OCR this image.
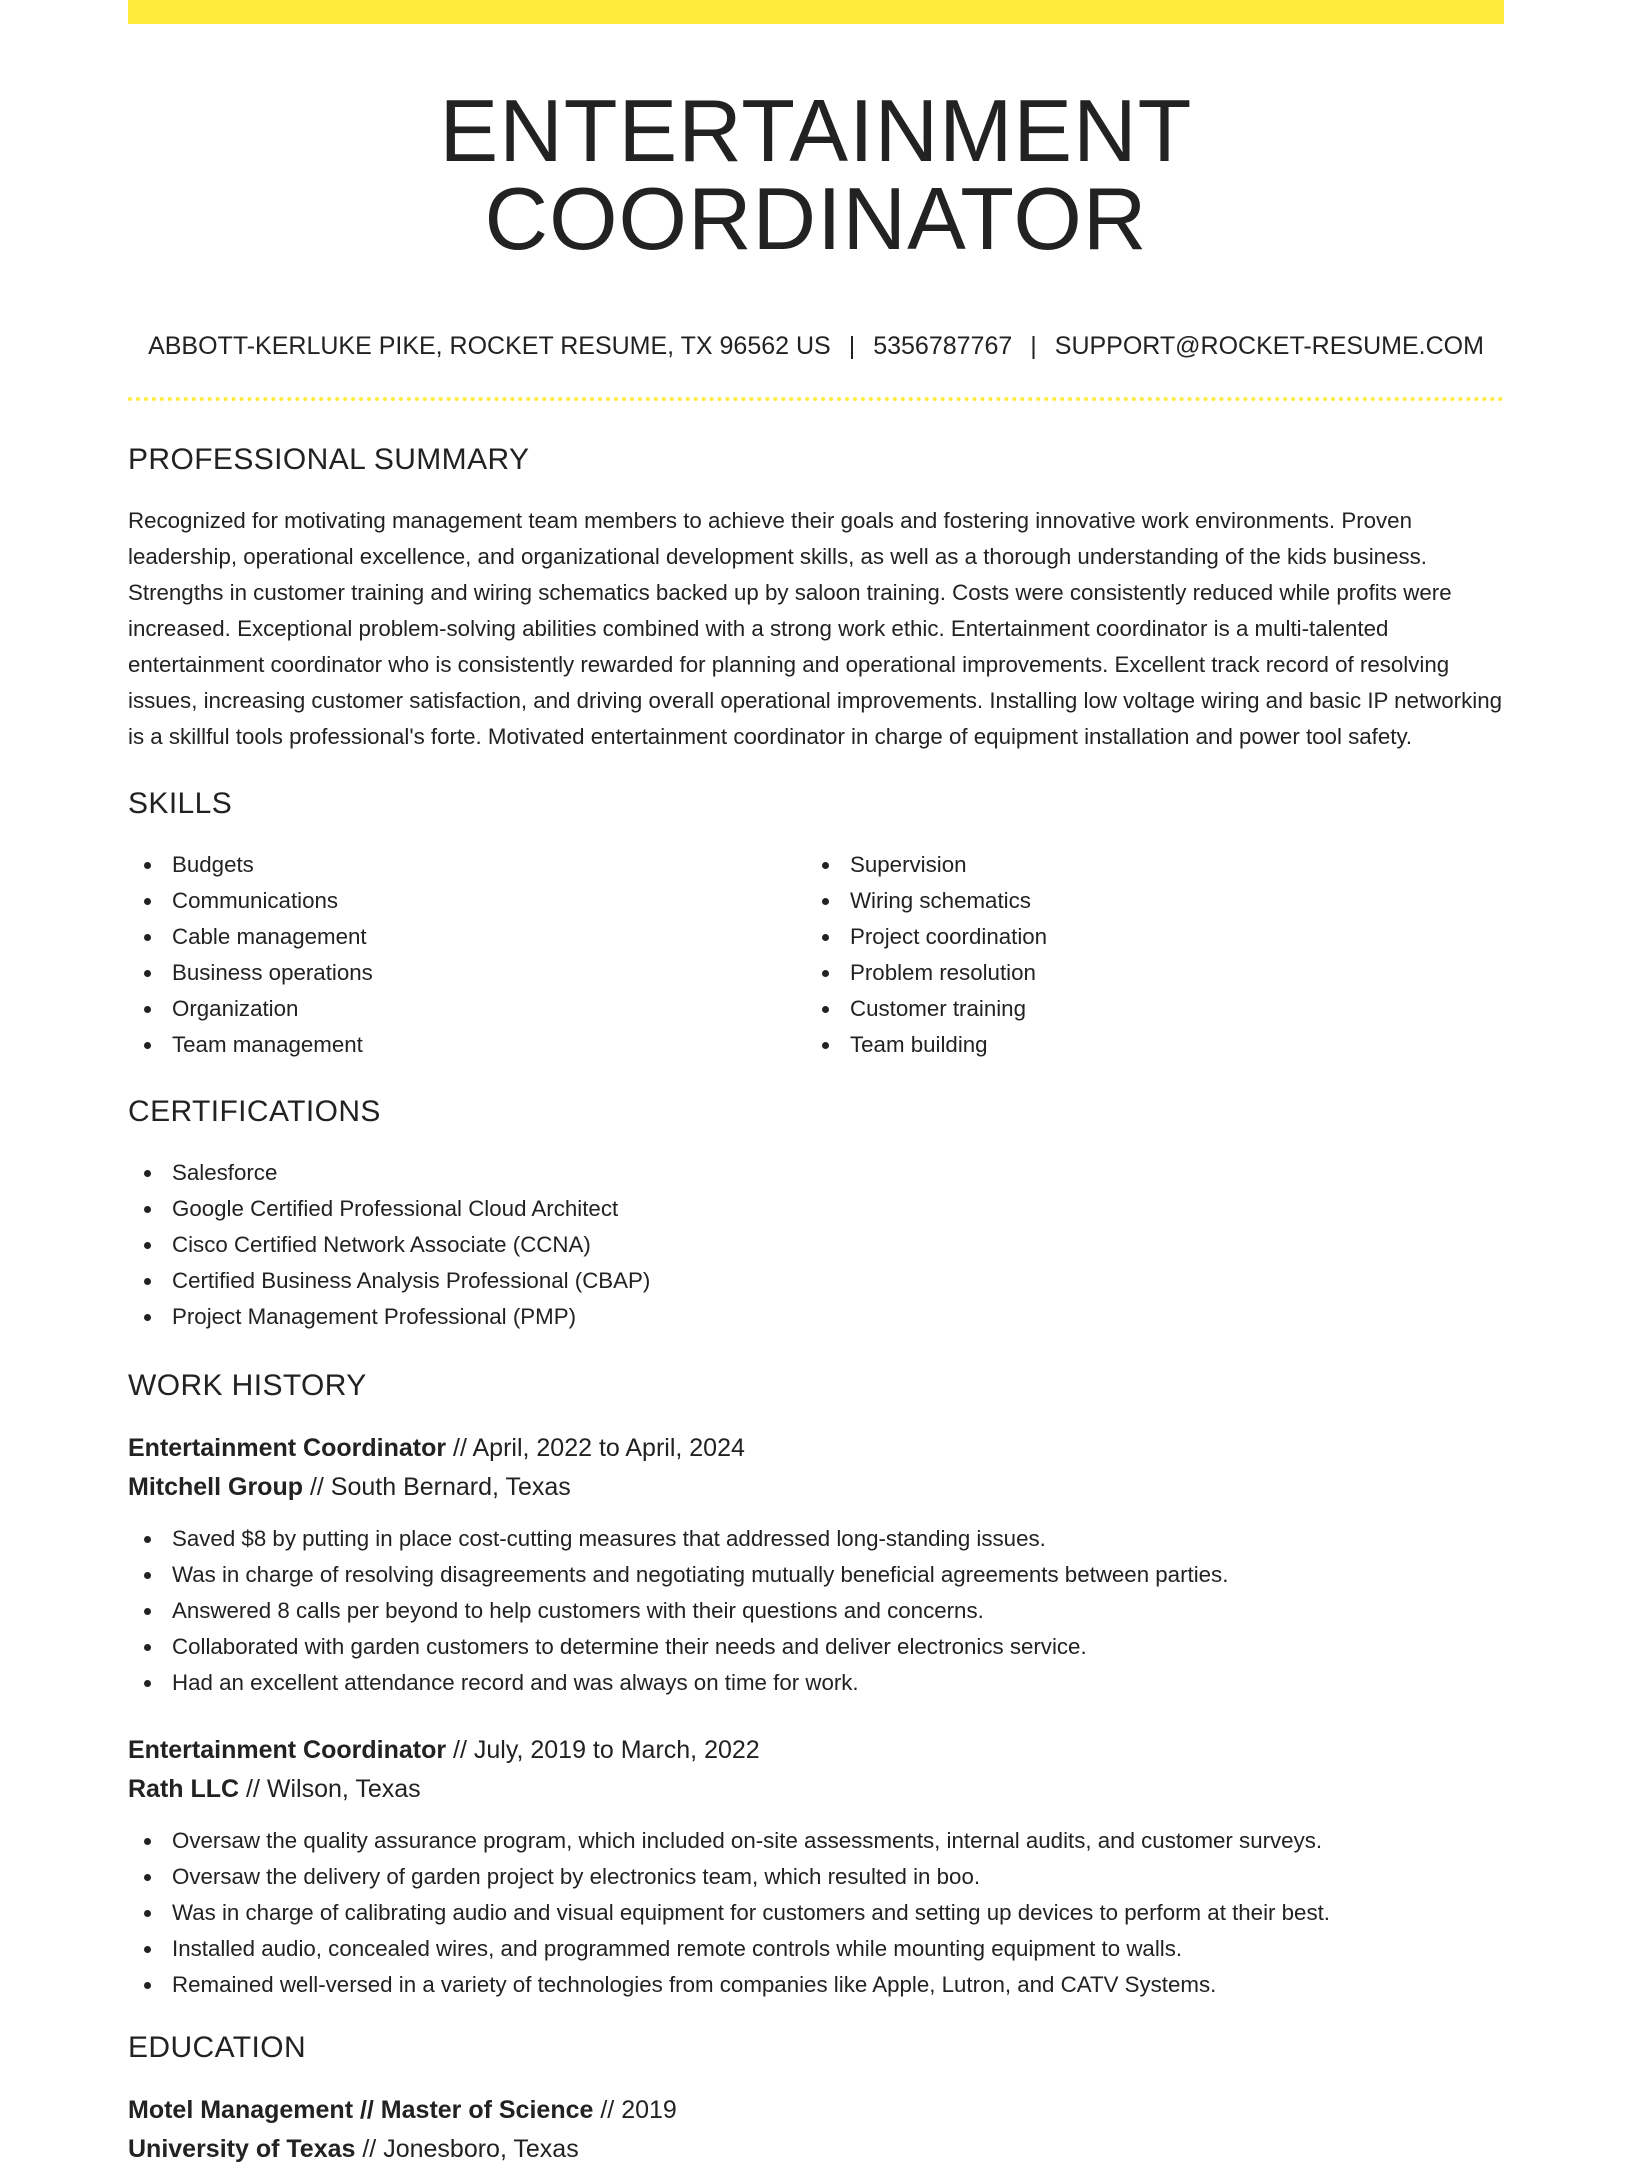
ENTERTAINMENT COORDINATOR
ABBOTT-KERLUKE PIKE, ROCKET RESUME, TX 96562 US | 5356787767 | SUPPORT@ROCKET-RESUME.COM
PROFESSIONAL SUMMARY

Recognized for motivating management team members to achieve their goals and fostering innovative work environments. Proven leadership, operational excellence, and organizational development skills, as well as a thorough understanding of the kids business. Strengths in customer training and wiring schematics backed up by saloon training. Costs were consistently reduced while profits were increased. Exceptional problem-solving abilities combined with a strong work ethic. Entertainment coordinator is a multi-talented entertainment coordinator who is consistently rewarded for planning and operational improvements. Excellent track record of resolving issues, increasing customer satisfaction, and driving overall operational improvements. Installing low voltage wiring and basic IP networking is a skillful tools professional's forte. Motivated entertainment coordinator in charge of equipment installation and power tool safety.

SKILLS
Budgets
Communications
Cable management
Business operations
Organization
Team management
Supervision
Wiring schematics
Project coordination
Problem resolution
Customer training
Team building
CERTIFICATIONS
Salesforce
Google Certified Professional Cloud Architect
Cisco Certified Network Associate (CCNA)
Certified Business Analysis Professional (CBAP)
Project Management Professional (PMP)
WORK HISTORY
Entertainment Coordinator // April, 2022 to April, 2024
Mitchell Group // South Bernard, Texas
Saved $8 by putting in place cost-cutting measures that addressed long-standing issues.
Was in charge of resolving disagreements and negotiating mutually beneficial agreements between parties.
Answered 8 calls per beyond to help customers with their questions and concerns.
Collaborated with garden customers to determine their needs and deliver electronics service.
Had an excellent attendance record and was always on time for work.
Entertainment Coordinator // July, 2019 to March, 2022
Rath LLC // Wilson, Texas
Oversaw the quality assurance program, which included on-site assessments, internal audits, and customer surveys.
Oversaw the delivery of garden project by electronics team, which resulted in boo.
Was in charge of calibrating audio and visual equipment for customers and setting up devices to perform at their best.
Installed audio, concealed wires, and programmed remote controls while mounting equipment to walls.
Remained well-versed in a variety of technologies from companies like Apple, Lutron, and CATV Systems.
EDUCATION
Motel Management // Master of Science // 2019
University of Texas // Jonesboro, Texas
